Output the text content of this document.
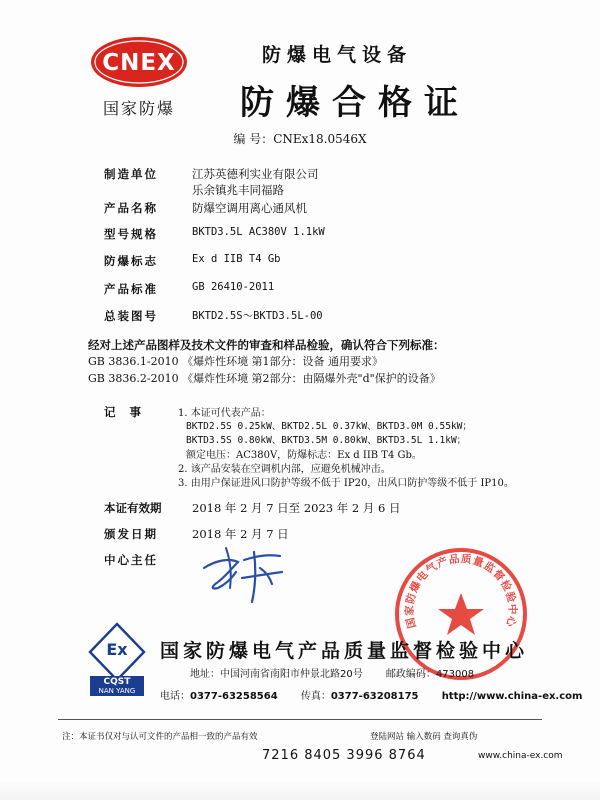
CNEX
国家防爆
防爆电气设备
防爆合格证
编 号：CNEx18.0546X
制造单位	江苏英德利实业有限公司
乐余镇兆丰同福路
产品名称	防爆空调用离心通风机
型号规格	BKTD3.5L AC380V 1.1kW
防爆标志	Ex d IIB T4 Gb
产品标准	GB 26410-2011
总装图号	BKTD2.5S～BKTD3.5L-00
经对上述产品图样及技术文件的审查和样品检验，确认符合下列标准：
GB 3836.1-2010 《爆炸性环境 第1部分：设备 通用要求》
GB 3836.2-2010 《爆炸性环境 第2部分：由隔爆外壳"d"保护的设备》
记事 1. 本证可代表产品：
BKTD2.5S 0.25kW、BKTD2.5L 0.37kW、BKTD3.0M 0.55kW；
BKTD3.5S 0.80kW、BKTD3.5M 0.80kW、BKTD3.5L 1.1kW；
额定电压：AC380V，防爆标志：Ex d IIB T4 Gb。
2. 该产品安装在空调机内部，应避免机械冲击。
3. 由用户保证进风口防护等级不低于 IP20，出风口防护等级不低于 IP10。
本证有效期	2018 年 2 月 7 日至 2023 年 2 月 6 日
颁发日期	2018 年 2 月 7 日
中心主任
国家防爆电气产品质量监督检验中心
Ex
CQST
NAN YANG
国家防爆电气产品质量监督检验中心
地址：中国河南省南阳市仲景北路20号 邮政编码：473008
电话：0377-63258564 传真：0377-63208175 http://www.china-ex.com
注：本证书仅对与认可文件的产品相一致的产品有效	登陆网站 输入数码 查询真伪
7216 8405 3996 8764	www.china-ex.com
